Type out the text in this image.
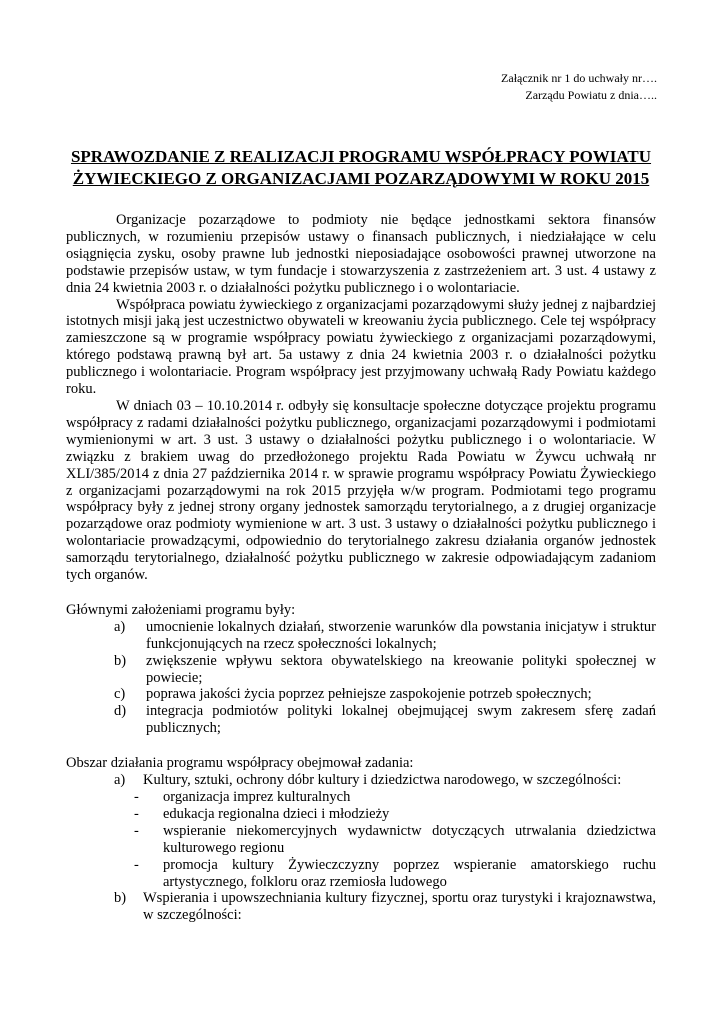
Załącznik nr 1 do uchwały nr….
Zarządu Powiatu z dnia…..
SPRAWOZDANIE Z REALIZACJI PROGRAMU WSPÓŁPRACY POWIATU
ŻYWIECKIEGO Z ORGANIZACJAMI POZARZĄDOWYMI W ROKU 2015

Organizacje pozarządowe to podmioty nie będące jednostkami sektora finansów publicznych, w rozumieniu przepisów ustawy o finansach publicznych, i niedziałające w celu osiągnięcia zysku, osoby prawne lub jednostki nieposiadające osobowości prawnej utworzone na podstawie przepisów ustaw, w tym fundacje i stowarzyszenia z zastrzeżeniem art. 3 ust. 4 ustawy z dnia 24 kwietnia 2003 r. o działalności pożytku publicznego i o wolontariacie.

Współpraca powiatu żywieckiego z organizacjami pozarządowymi służy jednej z najbardziej istotnych misji jaką jest uczestnictwo obywateli w kreowaniu życia publicznego. Cele tej współpracy zamieszczone są w programie współpracy powiatu żywieckiego z organizacjami pozarządowymi, którego podstawą prawną był art. 5a ustawy z dnia 24 kwietnia 2003 r. o działalności pożytku publicznego i wolontariacie. Program współpracy jest przyjmowany uchwałą Rady Powiatu każdego roku.

W dniach 03 – 10.10.2014 r. odbyły się konsultacje społeczne dotyczące projektu programu współpracy z radami działalności pożytku publicznego, organizacjami pozarządowymi i podmiotami wymienionymi w art. 3 ust. 3 ustawy o działalności pożytku publicznego i o wolontariacie. W związku z brakiem uwag do przedłożonego projektu Rada Powiatu w Żywcu uchwałą nr XLI/385/2014 z dnia 27 października 2014 r. w sprawie programu współpracy Powiatu Żywieckiego z organizacjami pozarządowymi na rok 2015 przyjęła w/w program. Podmiotami tego programu współpracy były z jednej strony organy jednostek samorządu terytorialnego, a z drugiej organizacje pozarządowe oraz podmioty wymienione w art. 3 ust. 3 ustawy o działalności pożytku publicznego i wolontariacie prowadzącymi, odpowiednio do terytorialnego zakresu działania organów jednostek samorządu terytorialnego, działalność pożytku publicznego w zakresie odpowiadającym zadaniom tych organów.

Głównymi założeniami programu były:

a) umocnienie lokalnych działań, stworzenie warunków dla powstania inicjatyw i struktur funkcjonujących na rzecz społeczności lokalnych;
b) zwiększenie wpływu sektora obywatelskiego na kreowanie polityki społecznej w powiecie;
c) poprawa jakości życia poprzez pełniejsze zaspokojenie potrzeb społecznych;
d) integracja podmiotów polityki lokalnej obejmującej swym zakresem sferę zadań publicznych;

Obszar działania programu współpracy obejmował zadania:

a) Kultury, sztuki, ochrony dóbr kultury i dziedzictwa narodowego, w szczególności:
- organizacja imprez kulturalnych
- edukacja regionalna dzieci i młodzieży
- wspieranie niekomercyjnych wydawnictw dotyczących utrwalania dziedzictwa kulturowego regionu
- promocja kultury Żywieczczyzny poprzez wspieranie amatorskiego ruchu artystycznego, folkloru oraz rzemiosła ludowego
b) Wspierania i upowszechniania kultury fizycznej, sportu oraz turystyki i krajoznawstwa, w szczególności:
